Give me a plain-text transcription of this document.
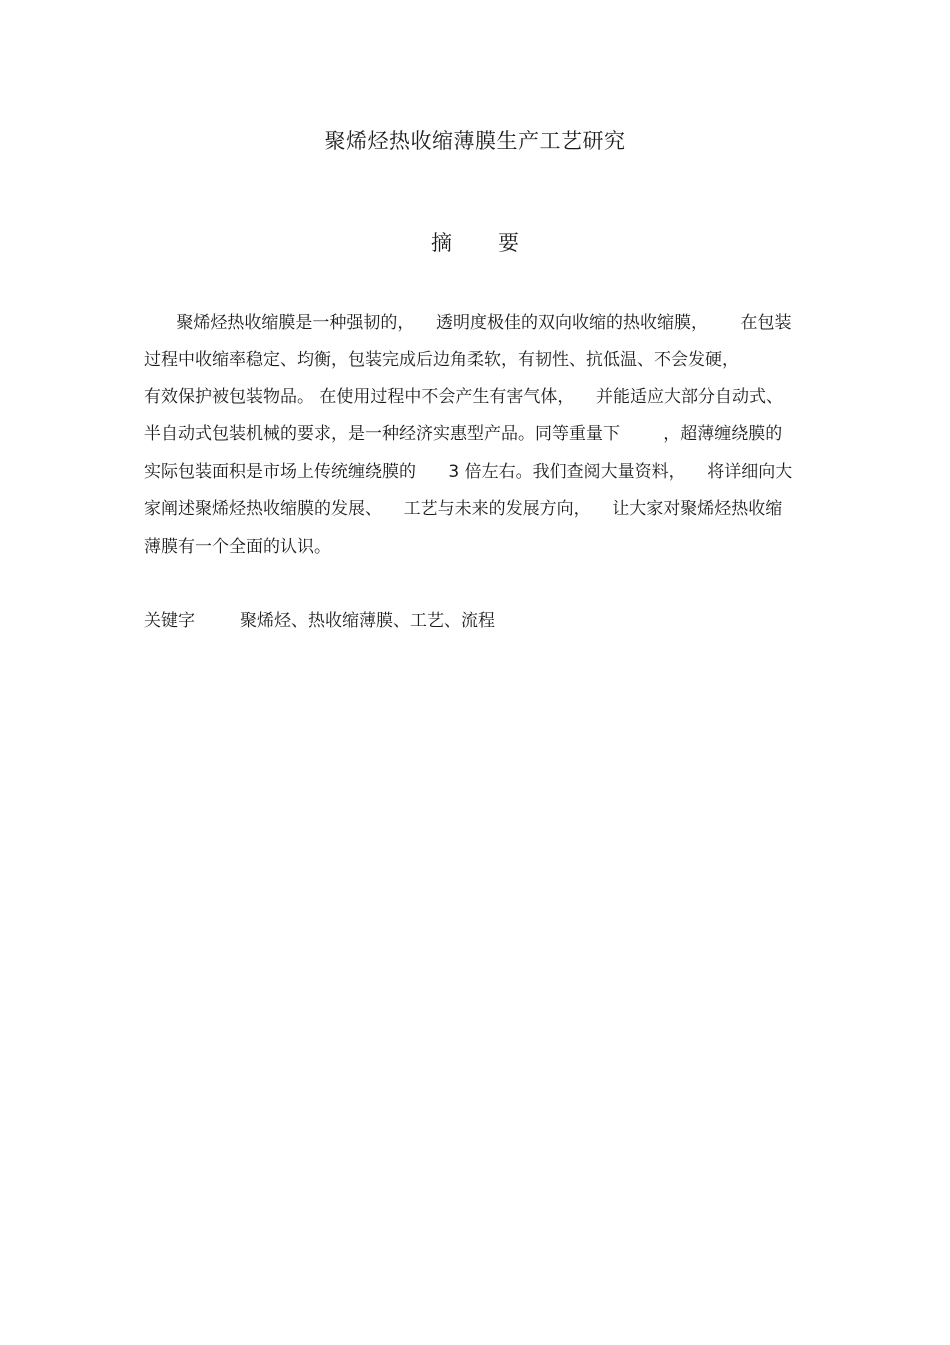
聚烯烃热收缩薄膜生产工艺研究
摘 要
聚烯烃热收缩膜是一种强韧的，    透明度极佳的双向收缩的热收缩膜，      在包装
过程中收缩率稳定、均衡，包装完成后边角柔软，有韧性、抗低温、不会发硬，
有效保护被包装物品。 在使用过程中不会产生有害气体，    并能适应大部分自动式、
半自动式包装机械的要求，是一种经济实惠型产品。同等重量下        ，超薄缠绕膜的
实际包装面积是市场上传统缠绕膜的      3 倍左右。我们查阅大量资料，    将详细向大
家阐述聚烯烃热收缩膜的发展、    工艺与未来的发展方向，    让大家对聚烯烃热收缩
薄膜有一个全面的认识。
关键字	聚烯烃、热收缩薄膜、工艺、流程
